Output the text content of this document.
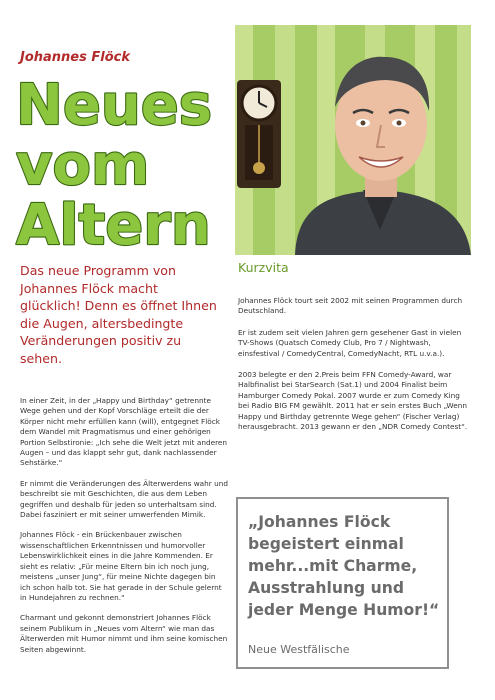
Johannes Flöck
Neues
vom
Altern

Das neue Programm von Johannes Flöck macht glücklich! Denn es öffnet Ihnen die Augen, altersbedingte Veränderungen positiv zu sehen.

In einer Zeit, in der „Happy und Birthday“ getrennte Wege gehen und der Kopf Vorschläge erteilt die der Körper nicht mehr erfüllen kann (will), entgegnet Flöck dem Wandel mit Pragmatismus und einer gehörigen Portion Selbstironie: „Ich sehe die Welt jetzt mit anderen Augen – und das klappt sehr gut, dank nachlassender Sehstärke.“

Er nimmt die Veränderungen des Älterwerdens wahr und beschreibt sie mit Geschichten, die aus dem Leben gegriffen und deshalb für jeden so unterhaltsam sind. Dabei fasziniert er mit seiner umwerfenden Mimik.

Johannes Flöck - ein Brückenbauer zwischen wissenschaftlichen Erkenntnissen und humorvoller Lebenswirklichkeit eines in die Jahre Kommenden. Er sieht es relativ: „Für meine Eltern bin ich noch jung, meistens „unser Jung“, für meine Nichte dagegen bin ich schon halb tot. Sie hat gerade in der Schule gelernt in Hundejahren zu rechnen.“

Charmant und gekonnt demonstriert Johannes Flöck seinem Publikum in „Neues vom Altern“ wie man das Älterwerden mit Humor nimmt und ihm seine komischen Seiten abgewinnt.

Kurzvita

Johannes Flöck tourt seit 2002 mit seinen Programmen durch Deutschland.

Er ist zudem seit vielen Jahren gern gesehener Gast in vielen TV-Shows (Quatsch Comedy Club, Pro 7 / Nightwash, einsfestival / ComedyCentral, ComedyNacht, RTL u.v.a.).

2003 belegte er den 2.Preis beim FFN Comedy-Award, war Halbfinalist bei StarSearch (Sat.1) und 2004 Finalist beim Hamburger Comedy Pokal. 2007 wurde er zum Comedy King bei Radio BIG FM gewählt. 2011 hat er sein erstes Buch „Wenn Happy und Birthday getrennte Wege gehen“ (Fischer Verlag) herausgebracht. 2013 gewann er den „NDR Comedy Contest“.

„Johannes Flöck begeistert einmal mehr...mit Charme, Ausstrahlung und jeder Menge Humor!“

Neue Westfälische
